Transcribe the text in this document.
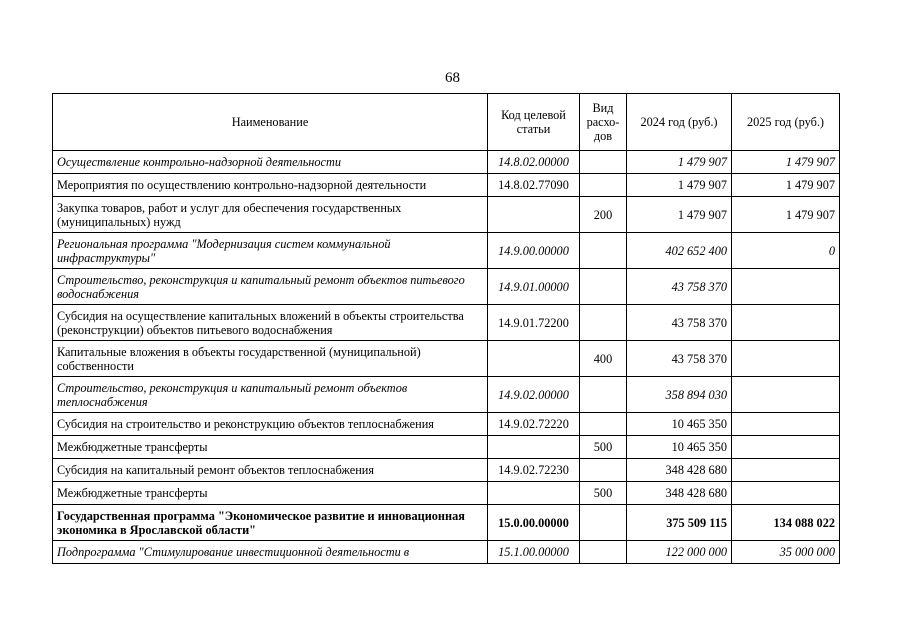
68
Наименование	Код целевой статьи	Вид расхо-дов	2024 год (руб.)	2025 год (руб.)
Осуществление контрольно-надзорной деятельности	14.8.02.00000		1 479 907	1 479 907
Мероприятия по осуществлению контрольно-надзорной деятельности	14.8.02.77090		1 479 907	1 479 907
Закупка товаров, работ и услуг для обеспечения государственных (муниципальных) нужд		200	1 479 907	1 479 907
Региональная программа "Модернизация систем коммунальной инфраструктуры"	14.9.00.00000		402 652 400	0
Строительство, реконструкция и капитальный ремонт объектов питьевого водоснабжения	14.9.01.00000		43 758 370	
Субсидия на осуществление капитальных вложений в объекты строительства (реконструкции) объектов питьевого водоснабжения	14.9.01.72200		43 758 370	
Капитальные вложения в объекты государственной (муниципальной) собственности		400	43 758 370	
Строительство, реконструкция и капитальный ремонт объектов теплоснабжения	14.9.02.00000		358 894 030	
Субсидия на строительство и реконструкцию объектов теплоснабжения	14.9.02.72220		10 465 350	
Межбюджетные трансферты		500	10 465 350	
Субсидия на капитальный ремонт объектов теплоснабжения	14.9.02.72230		348 428 680	
Межбюджетные трансферты		500	348 428 680	
Государственная программа "Экономическое развитие и инновационная экономика в Ярославской области"	15.0.00.00000		375 509 115	134 088 022
Подпрограмма "Стимулирование инвестиционной деятельности в	15.1.00.00000		122 000 000	35 000 000
